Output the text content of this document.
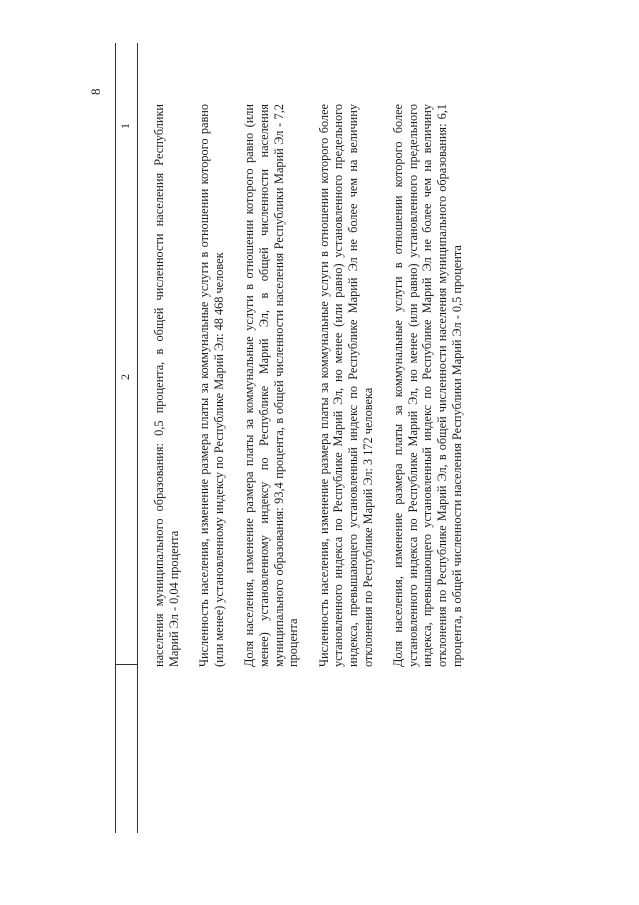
8
1
2 населения муниципального образования: 0,5 процента, в общей численности населения Республики Марий Эл - 0,04 процента Численность населения, изменение размера платы за коммунальные услуги в отношении которого равно (или менее) установленному индексу по Республике Марий Эл: 48 468 человек Доля населения, изменение размера платы за коммунальные услуги в отношении которого равно (или менее) установленному индексу по Республике Марий Эл, в общей численности населения муниципального образования: 93,4 процента, в общей численности населения Республики Марий Эл - 7,2 процента Численность населения, изменение размера платы за коммунальные услуги в отношении которого более установленного индекса по Республике Марий Эл, но менее (или равно) установленного предельного индекса, превышающего установленный индекс по Республике Марий Эл не более чем на величину отклонения по Республике Марий Эл: 3 172 человека Доля населения, изменение размера платы за коммунальные услуги в отношении которого более установленного индекса по Республике Марий Эл, но менее (или равно) установленного предельного индекса, превышающего установленный индекс по Республике Марий Эл не более чем на величину отклонения по Республике Марий Эл, в общей численности населения муниципального образования: 6,1 процента, в общей численности населения Республики Марий Эл - 0,5 процента
